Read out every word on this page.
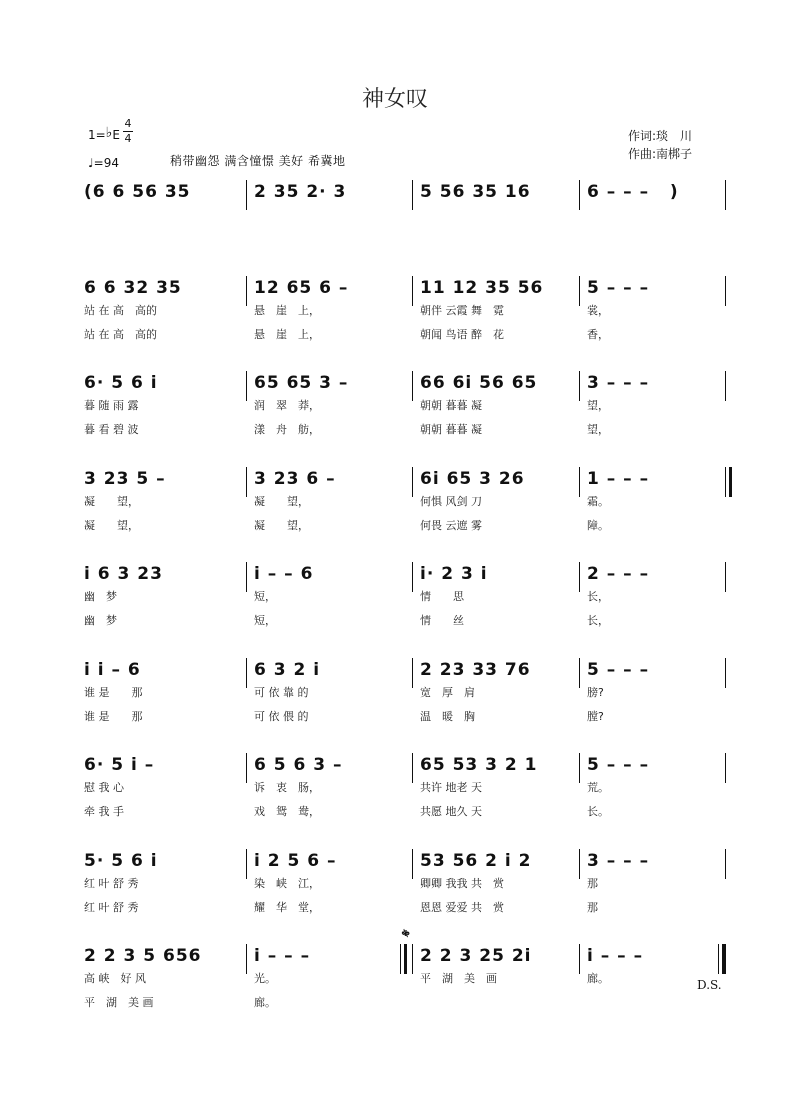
神女叹
1=♭E
4
4
♩=94	稍带幽怨 满含憧憬 美好 希冀地
作词:琰　川
作曲:南梆子
(6 6 56 35	2 35 2· 3	5 56 35 16	6 – – –   )
6 6 32 35
站 在 高　高的
站 在 高　高的
12 65 6 –
悬　崖　上，
悬　崖　上，
11 12 35 56
朝伴 云霞 舞　霓
朝闻 鸟语 醉　花
5 – – –
裳，
香，
6· 5 6 i
暮 随 雨 露
暮 看 碧 波
65 65 3 –
润　翠　莽，
漾　舟　舫，
66 6i 56 65
朝朝 暮暮 凝
朝朝 暮暮 凝
3 – – –
望，
望，
3 23 5 –
凝　　望，
凝　　望，
3 23 6 –
凝　　望，
凝　　望，
6i 65 3 26
何惧 风剑 刀
何畏 云遮 雾
1 – – –
霜。
障。
i 6 3 23
幽　梦
幽　梦
i – – 6
短，
短，
i· 2 3 i
情　　思
情　　丝
2 – – –
长，
长，
i i – 6
谁 是　　那
谁 是　　那
6 3 2 i
可 依 靠 的
可 依 偎 的
2 23 33 76
宽　厚　肩
温　暖　胸
5 – – –
膀?
膛?
6· 5 i –
慰 我 心
牵 我 手
6 5 6 3 –
诉　衷　肠，
戏　鸳　鸯，
65 53 3 2 1
共许 地老 天
共愿 地久 天
5 – – –
荒。
长。
5· 5 6 i
红 叶 舒 秀
红 叶 舒 秀
i 2 5 6 –
染　峡　江，
耀　华　堂，
53 56 2 i 2
卿卿 我我 共　赏
恩恩 爱爱 共　赏
3 – – –
那
那
2 2 3 5 656
高 峡　好 风
平　湖　美 画
i – – –
光。
廊。
2 2 3 25 2i
平　湖　美　画
i – – –
廊。	D.S.
𝄋
